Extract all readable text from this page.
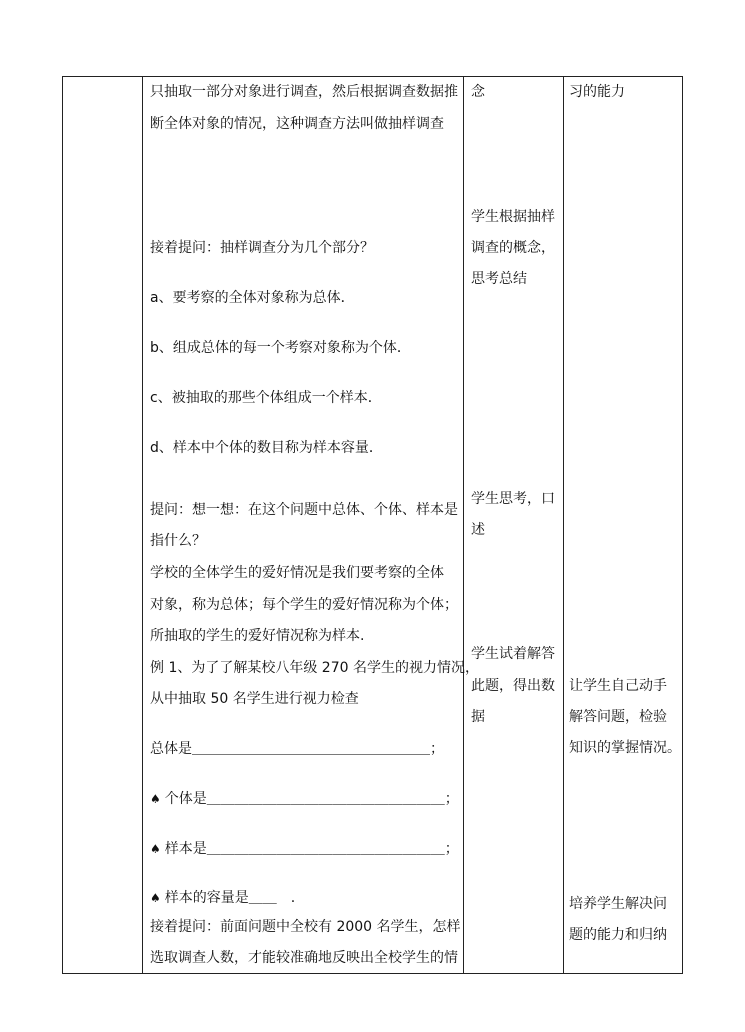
只抽取一部分对象进行调查，然后根据调查数据推
断全体对象的情况，这种调查方法叫做抽样调查
接着提问：抽样调查分为几个部分？
a、要考察的全体对象称为总体．
b、组成总体的每一个考察对象称为个体．
c、被抽取的那些个体组成一个样本．
d、样本中个体的数目称为样本容量．
提问：想一想：在这个问题中总体、个体、样本是
指什么？
学校的全体学生的爱好情况是我们要考察的全体
对象，称为总体；每个学生的爱好情况称为个体；
所抽取的学生的爱好情况称为样本.
例 1、为了了解某校八年级 270 名学生的视力情况，
从中抽取 50 名学生进行视力检查
总体是＿＿＿＿＿＿＿＿＿＿＿＿＿＿＿＿＿；
♠ 个体是＿＿＿＿＿＿＿＿＿＿＿＿＿＿＿＿＿；
♠ 样本是＿＿＿＿＿＿＿＿＿＿＿＿＿＿＿＿＿；
♠ 样本的容量是＿＿　.
接着提问：前面问题中全校有 2000 名学生，怎样
选取调查人数，才能较准确地反映出全校学生的情
念
学生根据抽样
调查的概念，
思考总结
学生思考，口
述
学生试着解答
此题，得出数
据
习的能力
让学生自己动手
解答问题，检验
知识的掌握情况。
培养学生解决问
题的能力和归纳
